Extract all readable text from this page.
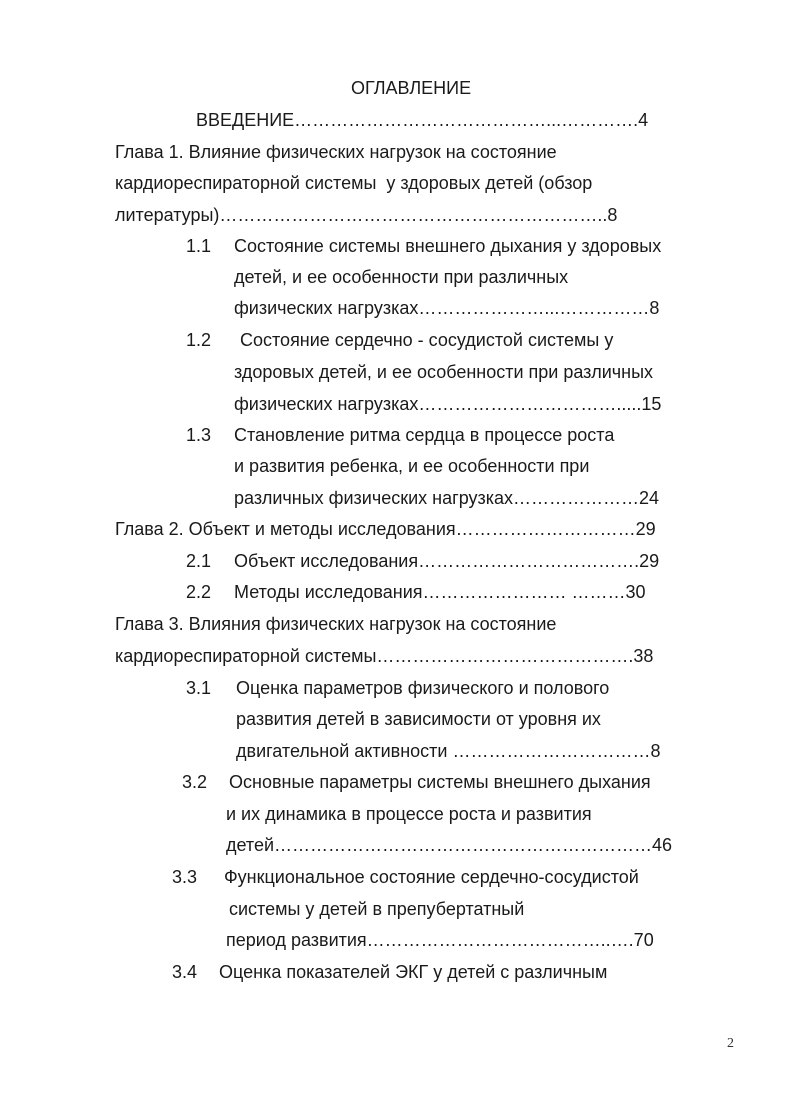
ОГЛАВЛЕНИЕ

ВВЕДЕНИЕ……………………………………...………….4

Глава 1. Влияние физических нагрузок на состояние

кардиореспираторной системы  у здоровых детей (обзор

литературы)………………………………………………………..8

1.1 Состояние системы внешнего дыхания у здоровых

детей, и ее особенности при различных

физических нагрузках…………………...……………8

1.2 Состояние сердечно - сосудистой системы у

здоровых детей, и ее особенности при различных

физических нагрузках…………………………….....15

1.3 Становление ритма сердца в процессе роста

и развития ребенка, и ее особенности при

различных физических нагрузках…………………24

Глава 2. Объект и методы исследования…………………………29

2.1 Объект исследования……………………………….29

2.2 Методы исследования…………………… ………30

Глава 3. Влияния физических нагрузок на состояние

кардиореспираторной системы…………………………………….38

3.1 Оценка параметров физического и полового

развития детей в зависимости от уровня их

двигательной активности ……………………………8

3.2 Основные параметры системы внешнего дыхания

и их динамика в процессе роста и развития

детей………………………………………………………46

3.3 Функциональное состояние сердечно-сосудистой

системы у детей в препубертатный

период развития…………………………………..….70

3.4 Оценка показателей ЭКГ у детей с различным

2
